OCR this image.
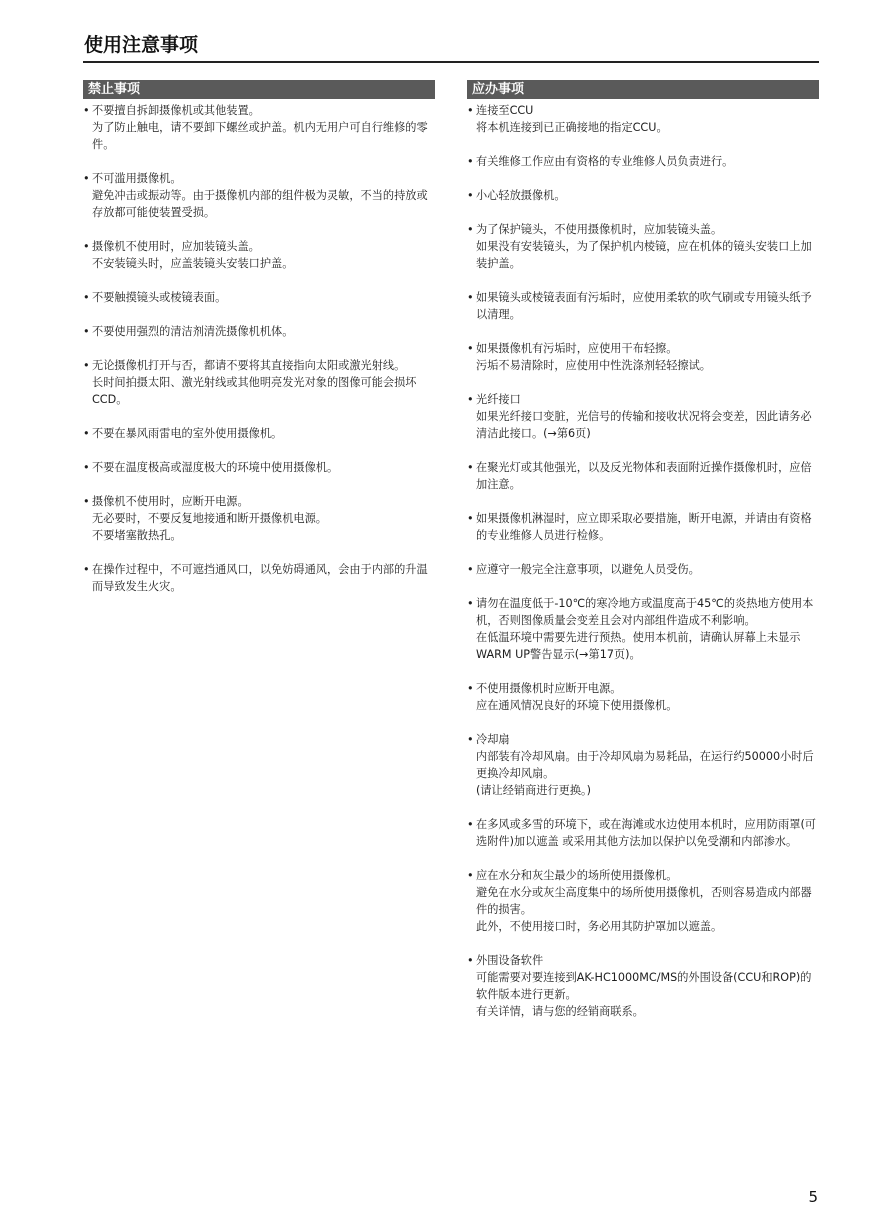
使用注意事项
禁止事项
• 不要擅自拆卸摄像机或其他装置。

为了防止触电，请不要卸下螺丝或护盖。机内无用户可自行维修的零件。

• 不可滥用摄像机。

避免冲击或振动等。由于摄像机内部的组件极为灵敏，不当的持放或存放都可能使装置受损。

• 摄像机不使用时，应加装镜头盖。

不安装镜头时，应盖装镜头安装口护盖。

• 不要触摸镜头或棱镜表面。

• 不要使用强烈的清洁剂清洗摄像机机体。

• 无论摄像机打开与否，都请不要将其直接指向太阳或激光射线。

长时间拍摄太阳、激光射线或其他明亮发光对象的图像可能会损坏CCD。

• 不要在暴风雨雷电的室外使用摄像机。

• 不要在温度极高或湿度极大的环境中使用摄像机。

• 摄像机不使用时，应断开电源。

无必要时，不要反复地接通和断开摄像机电源。

不要堵塞散热孔。

• 在操作过程中，不可遮挡通风口，以免妨碍通风，会由于内部的升温而导致发生火灾。

应办事项
• 连接至CCU

将本机连接到已正确接地的指定CCU。

• 有关维修工作应由有资格的专业维修人员负责进行。

• 小心轻放摄像机。

• 为了保护镜头，不使用摄像机时，应加装镜头盖。

如果没有安装镜头，为了保护机内棱镜，应在机体的镜头安装口上加装护盖。

• 如果镜头或棱镜表面有污垢时，应使用柔软的吹气刷或专用镜头纸予以清理。

• 如果摄像机有污垢时，应使用干布轻擦。

污垢不易清除时，应使用中性洗涤剂轻轻擦试。

• 光纤接口

如果光纤接口变脏，光信号的传输和接收状况将会变差，因此请务必清洁此接口。(→第6页)

• 在聚光灯或其他强光，以及反光物体和表面附近操作摄像机时，应倍加注意。

• 如果摄像机淋湿时，应立即采取必要措施，断开电源，并请由有资格的专业维修人员进行检修。

• 应遵守一般完全注意事项，以避免人员受伤。

• 请勿在温度低于-10℃的寒冷地方或温度高于45℃的炎热地方使用本机，否则图像质量会变差且会对内部组件造成不利影响。

在低温环境中需要先进行预热。使用本机前，请确认屏幕上未显示WARM UP警告显示(→第17页)。

• 不使用摄像机时应断开电源。

应在通风情况良好的环境下使用摄像机。

• 冷却扇

内部装有冷却风扇。由于冷却风扇为易耗品，在运行约50000小时后更换冷却风扇。

(请让经销商进行更换。)

• 在多风或多雪的环境下，或在海滩或水边使用本机时，应用防雨罩(可选附件)加以遮盖 或采用其他方法加以保护以免受潮和内部渗水。

• 应在水分和灰尘最少的场所使用摄像机。

避免在水分或灰尘高度集中的场所使用摄像机，否则容易造成内部器件的损害。

此外，不使用接口时，务必用其防护罩加以遮盖。

• 外围设备软件

可能需要对要连接到AK-HC1000MC/MS的外围设备(CCU和ROP)的软件版本进行更新。

有关详情，请与您的经销商联系。

5
